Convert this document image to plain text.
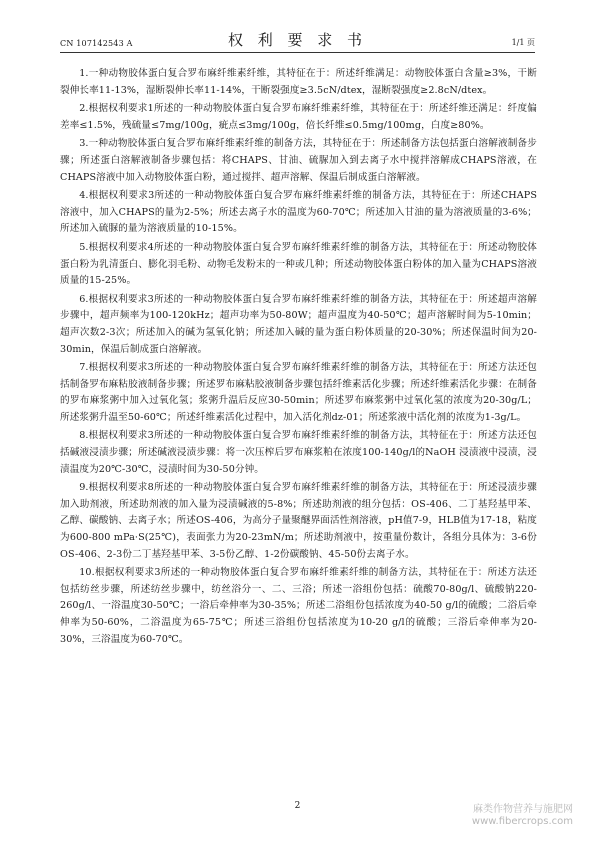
CN 107142543 A	权 利 要 求 书	1/1 页

1.一种动物胶体蛋白复合罗布麻纤维素纤维，其特征在于：所述纤维满足：动物胶体蛋白含量≥3%，干断裂伸长率11-13%，湿断裂伸长率11-14%，干断裂强度≥3.5cN/dtex，湿断裂强度≥2.8cN/dtex。

2.根据权利要求1所述的一种动物胶体蛋白复合罗布麻纤维素纤维，其特征在于：所述纤维还满足：纤度偏差率≤1.5%，残硫量≤7mg/100g，疵点≤3mg/100g，倍长纤维≤0.5mg/100mg，白度≥80%。

3.一种动物胶体蛋白复合罗布麻纤维素纤维的制备方法，其特征在于：所述制备方法包括蛋白溶解液制备步骤；所述蛋白溶解液制备步骤包括：将CHAPS、甘油、硫脲加入到去离子水中搅拌溶解成CHAPS溶液，在CHAPS溶液中加入动物胶体蛋白粉，通过搅拌、超声溶解、保温后制成蛋白溶解液。

4.根据权利要求3所述的一种动物胶体蛋白复合罗布麻纤维素纤维的制备方法，其特征在于：所述CHAPS溶液中，加入CHAPS的量为2-5%；所述去离子水的温度为60-70℃；所述加入甘油的量为溶液质量的3-6%；所述加入硫脲的量为溶液质量的10-15%。

5.根据权利要求4所述的一种动物胶体蛋白复合罗布麻纤维素纤维的制备方法，其特征在于：所述动物胶体蛋白粉为乳清蛋白、膨化羽毛粉、动物毛发粉末的一种或几种；所述动物胶体蛋白粉体的加入量为CHAPS溶液质量的15-25%。

6.根据权利要求3所述的一种动物胶体蛋白复合罗布麻纤维素纤维的制备方法，其特征在于：所述超声溶解步骤中，超声频率为100-120kHz；超声功率为50-80W；超声温度为40-50℃；超声溶解时间为5-10min；超声次数2-3次；所述加入的碱为氢氧化钠；所述加入碱的量为蛋白粉体质量的20-30%；所述保温时间为20-30min，保温后制成蛋白溶解液。

7.根据权利要求3所述的一种动物胶体蛋白复合罗布麻纤维素纤维的制备方法，其特征在于：所述方法还包括制备罗布麻粘胶液制备步骤；所述罗布麻粘胶液制备步骤包括纤维素活化步骤；所述纤维素活化步骤：在制备的罗布麻浆粥中加入过氧化氢；浆粥升温后反应30-50min；所述罗布麻浆粥中过氧化氢的浓度为20-30g/L；所述浆粥升温至50-60℃；所述纤维素活化过程中，加入活化剂dz-01；所述浆液中活化剂的浓度为1-3g/L。

8.根据权利要求3所述的一种动物胶体蛋白复合罗布麻纤维素纤维的制备方法，其特征在于：所述方法还包括碱液浸渍步骤；所述碱液浸渍步骤：将一次压榨后罗布麻浆粕在浓度100-140g/l的NaOH 浸渍液中浸渍，浸渍温度为20℃-30℃，浸渍时间为30-50分钟。

9.根据权利要求8所述的一种动物胶体蛋白复合罗布麻纤维素纤维的制备方法，其特征在于：所述浸渍步骤加入助剂液，所述助剂液的加入量为浸渍碱液的5-8%；所述助剂液的组分包括：OS-406、二丁基羟基甲苯、乙醇、碳酸钠、去离子水；所述OS-406，为高分子量聚醚界面活性剂溶液，pH值7-9，HLB值为17-18，粘度为600-800 mPa·S(25℃)，表面张力为20-23mN/m；所述助剂液中，按重量份数计，各组分具体为：3-6份OS-406、2-3份二丁基羟基甲苯、3-5份乙醇、1-2份碳酸钠、45-50份去离子水。

10.根据权利要求3所述的一种动物胶体蛋白复合罗布麻纤维素纤维的制备方法，其特征在于：所述方法还包括纺丝步骤，所述纺丝步骤中，纺丝浴分一、二、三浴；所述一浴组份包括：硫酸70-80g/l、硫酸钠220-260g/l、一浴温度30-50℃；一浴后牵伸率为30-35%；所述二浴组份包括浓度为40-50 g/l的硫酸；二浴后牵伸率为50-60%，二浴温度为65-75℃；所述三浴组份包括浓度为10-20 g/l的硫酸；三浴后牵伸率为20-30%，三浴温度为60-70℃。

2	麻类作物营养与施肥网
www.fibercrops.com
